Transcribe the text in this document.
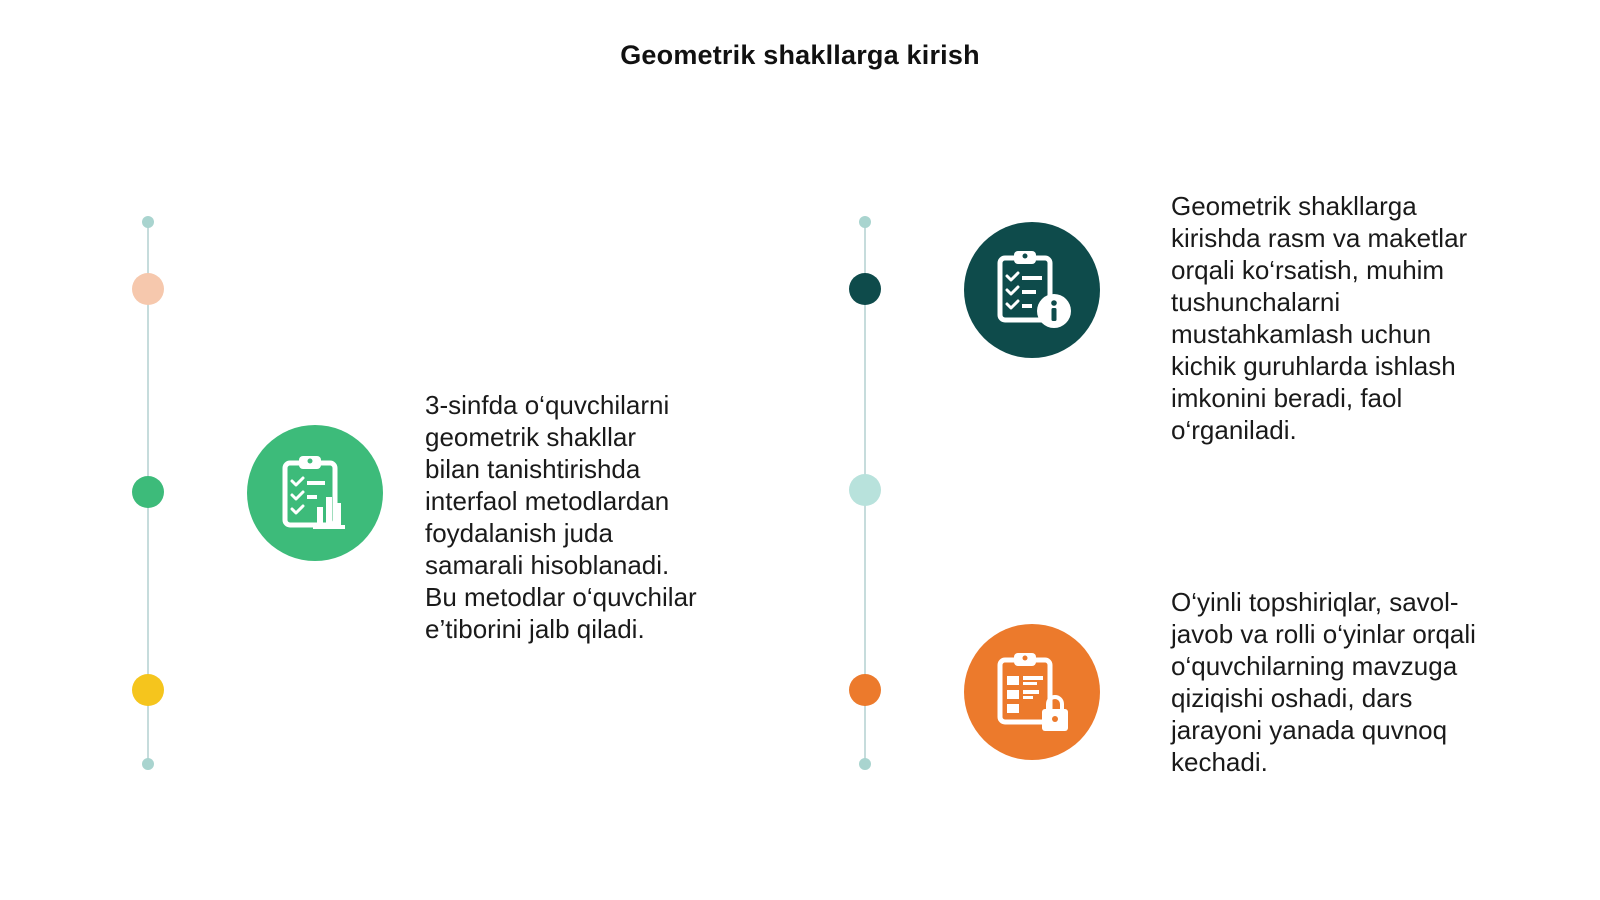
Geometrik shakllarga kirish
3-sinfda o‘quvchilarni
geometrik shakllar
bilan tanishtirishda
interfaol metodlardan
foydalanish juda
samarali hisoblanadi.
Bu metodlar o‘quvchilar
e’tiborini jalb qiladi.
Geometrik shakllarga
kirishda rasm va maketlar
orqali ko‘rsatish, muhim
tushunchalarni
mustahkamlash uchun
kichik guruhlarda ishlash
imkonini beradi, faol
o‘rganiladi.
O‘yinli topshiriqlar, savol-
javob va rolli o‘yinlar orqali
o‘quvchilarning mavzuga
qiziqishi oshadi, dars
jarayoni yanada quvnoq
kechadi.
